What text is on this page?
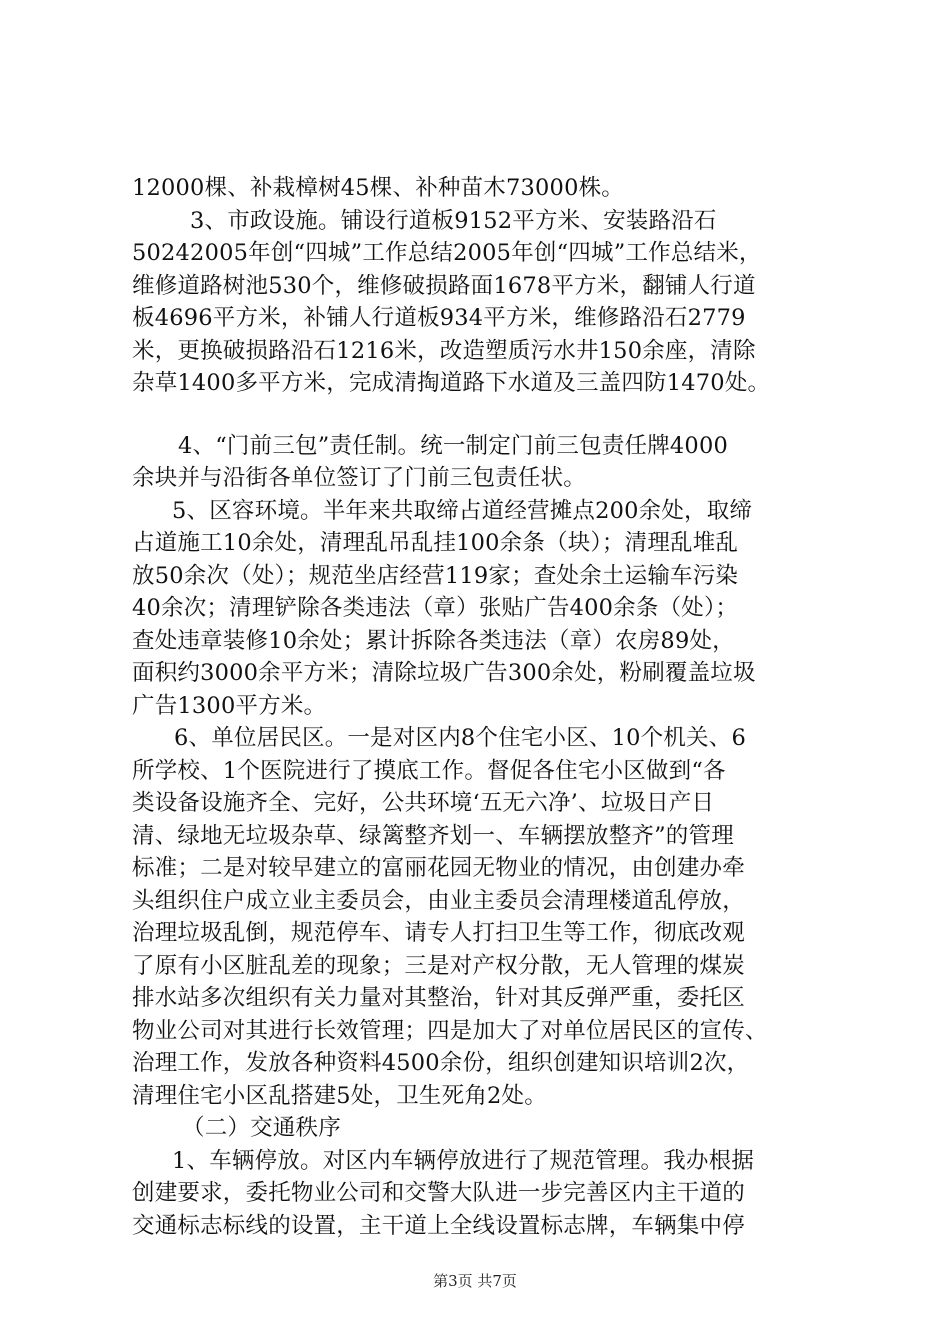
12000棵、补栽樟树45棵、补种苗木73000株。
3、市政设施。铺设行道板9152平方米、安装路沿石
50242005年创“四城”工作总结2005年创“四城”工作总结米，
维修道路树池530个，维修破损路面1678平方米，翻铺人行道
板4696平方米，补铺人行道板934平方米，维修路沿石2779
米，更换破损路沿石1216米，改造塑质污水井150余座，清除
杂草1400多平方米，完成清掏道路下水道及三盖四防1470处。
4、“门前三包”责任制。统一制定门前三包责任牌4000
余块并与沿街各单位签订了门前三包责任状。
5、区容环境。半年来共取缔占道经营摊点200余处，取缔
占道施工10余处，清理乱吊乱挂100余条（块）；清理乱堆乱
放50余次（处）；规范坐店经营119家；查处余土运输车污染
40余次；清理铲除各类违法（章）张贴广告400余条（处）；
查处违章装修10余处；累计拆除各类违法（章）农房89处，
面积约3000余平方米；清除垃圾广告300余处，粉刷覆盖垃圾
广告1300平方米。
6、单位居民区。一是对区内8个住宅小区、10个机关、6
所学校、1个医院进行了摸底工作。督促各住宅小区做到“各
类设备设施齐全、完好，公共环境‘五无六净’、垃圾日产日
清、绿地无垃圾杂草、绿篱整齐划一、车辆摆放整齐”的管理
标准；二是对较早建立的富丽花园无物业的情况，由创建办牵
头组织住户成立业主委员会，由业主委员会清理楼道乱停放，
治理垃圾乱倒，规范停车、请专人打扫卫生等工作，彻底改观
了原有小区脏乱差的现象；三是对产权分散，无人管理的煤炭
排水站多次组织有关力量对其整治，针对其反弹严重，委托区
物业公司对其进行长效管理；四是加大了对单位居民区的宣传、
治理工作，发放各种资料4500余份，组织创建知识培训2次，
清理住宅小区乱搭建5处，卫生死角2处。
（二）交通秩序
1、车辆停放。对区内车辆停放进行了规范管理。我办根据
创建要求，委托物业公司和交警大队进一步完善区内主干道的
交通标志标线的设置，主干道上全线设置标志牌，车辆集中停
第3页 共7页
